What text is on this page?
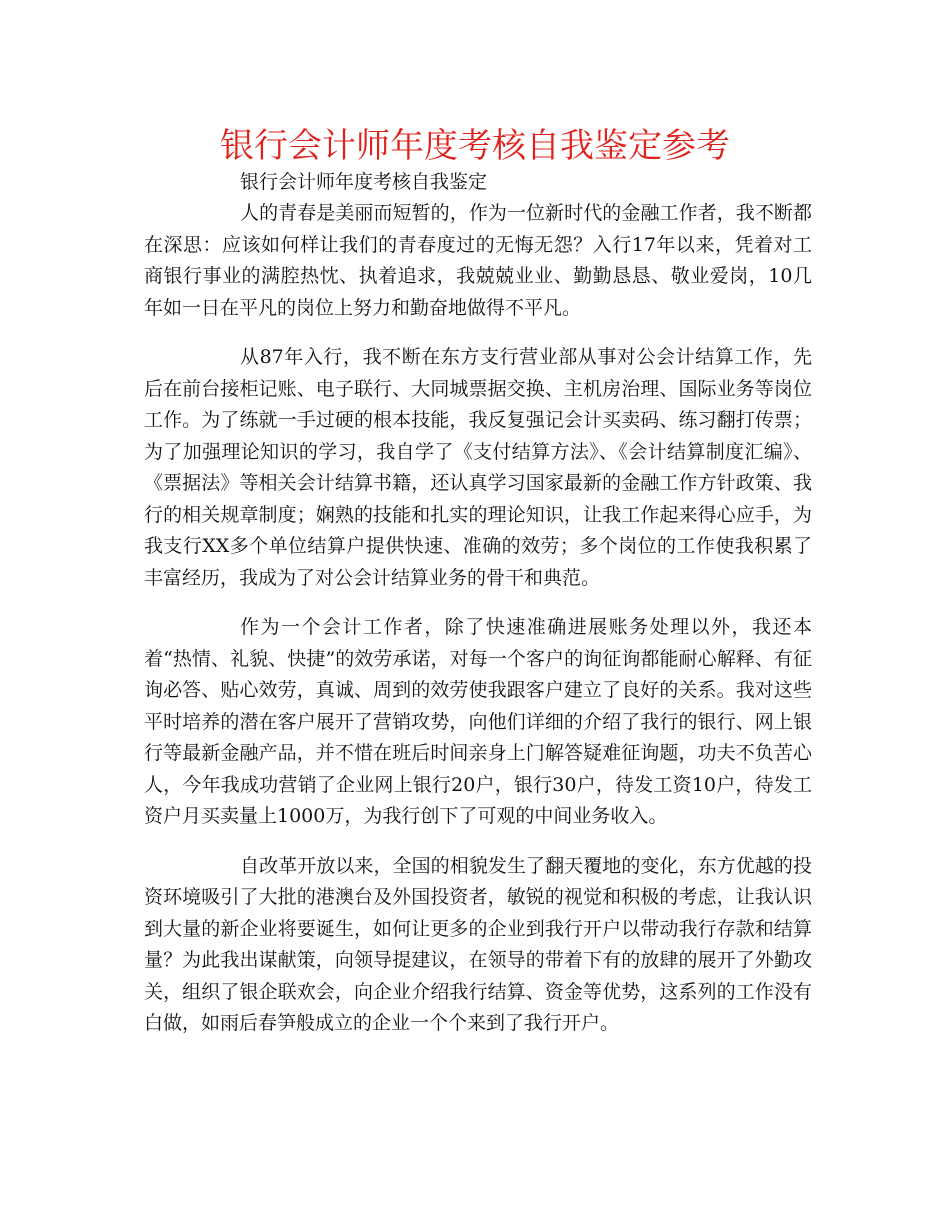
银行会计师年度考核自我鉴定参考

银行会计师年度考核自我鉴定

人的青春是美丽而短暂的，作为一位新时代的金融工作者，我不断都在深思：应该如何样让我们的青春度过的无悔无怨？入行17年以来，凭着对工商银行事业的满腔热忱、执着追求，我兢兢业业、勤勤恳恳、敬业爱岗，10几年如一日在平凡的岗位上努力和勤奋地做得不平凡。

从87年入行，我不断在东方支行营业部从事对公会计结算工作，先后在前台接柜记账、电子联行、大同城票据交换、主机房治理、国际业务等岗位工作。为了练就一手过硬的根本技能，我反复强记会计买卖码、练习翻打传票；为了加强理论知识的学习，我自学了《支付结算方法》、《会计结算制度汇编》、《票据法》等相关会计结算书籍，还认真学习国家最新的金融工作方针政策、我行的相关规章制度；娴熟的技能和扎实的理论知识，让我工作起来得心应手，为我支行XX多个单位结算户提供快速、准确的效劳；多个岗位的工作使我积累了丰富经历，我成为了对公会计结算业务的骨干和典范。

作为一个会计工作者，除了快速准确进展账务处理以外，我还本着“热情、礼貌、快捷”的效劳承诺，对每一个客户的询征询都能耐心解释、有征询必答、贴心效劳，真诚、周到的效劳使我跟客户建立了良好的关系。我对这些平时培养的潜在客户展开了营销攻势，向他们详细的介绍了我行的银行、网上银行等最新金融产品，并不惜在班后时间亲身上门解答疑难征询题，功夫不负苦心人，今年我成功营销了企业网上银行20户，银行30户，待发工资10户，待发工资户月买卖量上1000万，为我行创下了可观的中间业务收入。

自改革开放以来，全国的相貌发生了翻天覆地的变化，东方优越的投资环境吸引了大批的港澳台及外国投资者，敏锐的视觉和积极的考虑，让我认识到大量的新企业将要诞生，如何让更多的企业到我行开户以带动我行存款和结算量？为此我出谋献策，向领导提建议，在领导的带着下有的放肆的展开了外勤攻关，组织了银企联欢会，向企业介绍我行结算、资金等优势，这系列的工作没有白做，如雨后春笋般成立的企业一个个来到了我行开户。
